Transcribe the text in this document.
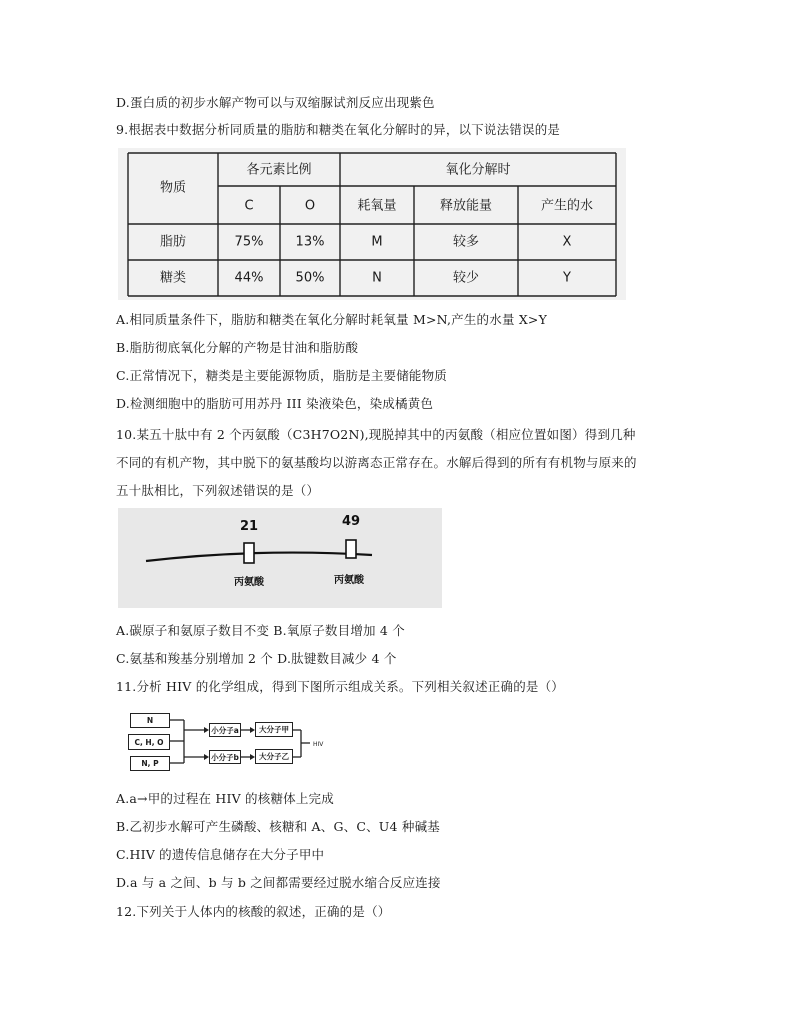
D.蛋白质的初步水解产物可以与双缩脲试剂反应出现紫色
9.根据表中数据分析同质量的脂肪和糖类在氧化分解时的异，以下说法错误的是
物质
各元素比例	氧化分解时
C	O	耗氧量	释放能量	产生的水
脂肪	75% 13%	M	较多	X
糖类	44% 50%	N	较少	Y
A.相同质量条件下，脂肪和糖类在氧化分解时耗氧量 M>N,产生的水量 X>Y
B.脂肪彻底氧化分解的产物是甘油和脂肪酸
C.正常情况下，糖类是主要能源物质，脂肪是主要储能物质
D.检测细胞中的脂肪可用苏丹 III 染液染色，染成橘黄色
10.某五十肽中有 2 个丙氨酸（C3H7O2N),现脱掉其中的丙氨酸（相应位置如图）得到几种
不同的有机产物，其中脱下的氨基酸均以游离态正常存在。水解后得到的所有有机物与原来的
五十肽相比，下列叙述错误的是（）
21	49
丙氨酸	丙氨酸
A.碳原子和氨原子数目不变 B.氧原子数目增加 4 个
C.氨基和羧基分别增加 2 个 D.肽键数目减少 4 个
11.分析 HIV 的化学组成，得到下图所示组成关系。下列相关叙述正确的是（）
HIV
N
C, H, O
N, P
小分子a
小分子b
大分子甲
大分子乙
A.a→甲的过程在 HIV 的核糖体上完成
B.乙初步水解可产生磷酸、核糖和 A、G、C、U4 种碱基
C.HIV 的遗传信息储存在大分子甲中
D.a 与 a 之间、b 与 b 之间都需要经过脱水缩合反应连接
12.下列关于人体内的核酸的叙述，正确的是（）
